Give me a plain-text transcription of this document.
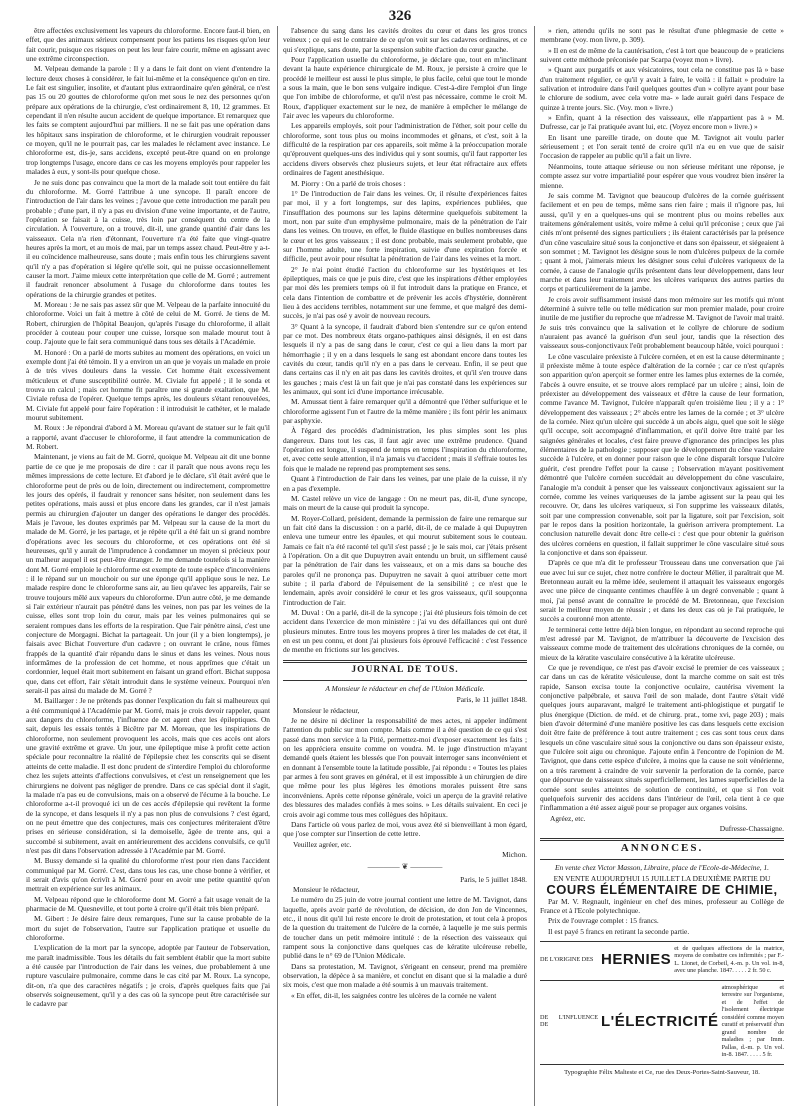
326

être affectées exclusivement les vapeurs du chloroforme. Encore faut-il bien, en effet, que des animaux sérieux compensent pour les patiens les risques qu'on leur fait courir, puisque ces risques on peut les leur faire courir, même en agissant avec une extrême circonspection.

M. Velpeau demande la parole : Il y a dans le fait dont on vient d'entendre la lecture deux choses à considérer, le fait lui-même et la conséquence qu'on en tire. Le fait est singulier, insolite, et d'autant plus extraordinaire qu'en général, ce n'est pas 15 ou 20 gouttes de chloroforme qu'on met sous le nez des personnes qu'on prépare aux opérations de la chirurgie, c'est ordinairement 8, 10, 12 grammes. Et cependant il n'en résulte aucun accident de quelque importance. Et remarquez que les faits se comptent aujourd'hui par milliers. Il ne se fait pas une opération dans les hôpitaux sans inspiration de chloroforme, et le chirurgien voudrait repousser ce moyen, qu'il ne le pourrait pas, car les malades le réclament avec instance. Le chloroforme est, dis-je, sans accidens, excepté peut-être quand on en prolonge trop longtemps l'usage, encore dans ce cas les moyens employés pour rappeler les malades à eux, y sont-ils pour quelque chose.

Je ne suis donc pas convaincu que la mort de la malade soit tout entière du fait du chloroforme. M. Gorré l'attribue à une syncope. Il paraît encore de l'introduction de l'air dans les veines ; j'avoue que cette introduction me paraît peu probable ; d'une part, il n'y a pas eu division d'une veine importante, et de l'autre, l'opération se faisait à la cuisse, très loin par conséquent du centre de la circulation. À l'ouverture, on a trouvé, dit-il, une grande quantité d'air dans les vaisseaux. Cela n'a rien d'étonnant, l'ouverture n'a été faite que vingt-quatre heures après la mort, et au mois de mai, par un temps assez chaud. Peut-être y a-t-il eu coïncidence malheureuse, sans doute ; mais enfin tous les chirurgiens savent qu'il n'y a pas d'opération si légère qu'elle soit, qui ne puisse occasionnellement causer la mort. J'aime mieux cette interprétation que celle de M. Gorré ; autrement il faudrait renoncer absolument à l'usage du chloroforme dans toutes les opérations de la chirurgie grandes et petites.

M. Moreau : Je ne sais pas assez sûr que M. Velpeau de la parfaite innocuité du chloroforme. Voici un fait à mettre à côté de celui de M. Gorré. Je tiens de M. Robert, chirurgien de l'hôpital Beaujon, qu'après l'usage du chloroforme, il allait procéder à couteau pour couper une cuisse, lorsque son malade mourut tout à coup. J'ajoute que le fait sera communiqué dans tous ses détails à l'Académie.

M. Honoré : On a parlé de morts subites au moment des opérations, en voici un exemple dont j'ai été témoin. Il y a environ un an que je voyais un malade en proie à de très vives douleurs dans la vessie. Cet homme était excessivement méticuleux et d'une susceptibilité outrée. M. Civiale fut appelé ; il le sonda et trouva un calcul ; mais cet homme fit paraître une si grande exaltation, que M. Civiale refusa de l'opérer. Quelque temps après, les douleurs s'étant renouvelées, M. Civiale fut appelé pour faire l'opération : il introduisit le cathéter, et le malade mourut subitement.

M. Roux : Je répondrai d'abord à M. Moreau qu'avant de statuer sur le fait qu'il a rapporté, avant d'accuser le chloroforme, il faut attendre la communication de M. Robert.

Maintenant, je viens au fait de M. Gorré, quoique M. Velpeau ait dit une bonne partie de ce que je me proposais de dire : car il paraît que nous avons reçu les mêmes impressions de cette lecture. Et d'abord je le déclare, s'il était avéré que le chloroforme peut de près ou de loin, directement ou indirectement, compromettre les jours des opérés, il faudrait y renoncer sans hésiter, non seulement dans les petites opérations, mais aussi et plus encore dans les grandes, car il n'est jamais permis au chirurgien d'ajouter un danger des opérations le danger des procédés. Mais je l'avoue, les doutes exprimés par M. Velpeau sur la cause de la mort du malade de M. Gorré, je les partage, et je répète qu'il a été fait un si grand nombre d'opérations avec les secours du chloroforme, et ces opérations ont été si heureuses, qu'il y aurait de l'imprudence à condamner un moyen si précieux pour un malheur auquel il est peut-être étranger. Je me demande toutefois si la manière dont M. Gorré emploie le chloroforme est exempte de toute espèce d'inconvéniens : il le répand sur un mouchoir ou sur une éponge qu'il applique sous le nez. Le malade respire donc le chloroforme sans air, au lieu qu'avec les appareils, l'air se trouve toujours mêlé aux vapeurs du chloroforme. D'un autre côté, je me demande si l'air extérieur n'aurait pas pénétré dans les veines, non pas par les veines de la cuisse, elles sont trop loin du cœur, mais par les veines pulmonaires qui se seraient rompues dans les efforts de la respiration. Que l'air pénètre ainsi, c'est une conjecture de Morgagni. Bichat la partageait. Un jour (il y a bien longtemps), je faisais avec Bichat l'ouverture d'un cadavre ; on ouvrant le crâne, nous fûmes frappés de la quantité d'air répandu dans le sinus et dans les veines. Nous nous informâmes de la profession de cet homme, et nous apprîmes que c'était un cordonnier, lequel était mort subitement en faisant un grand effort. Bichat supposa que, dans cet effort, l'air s'était introduit dans le système veineux. Pourquoi n'en serait-il pas ainsi du malade de M. Gorré ?

M. Baillarger : Je ne prétends pas donner l'explication du fait si malheureux qui a été communiqué à l'Académie par M. Gorré, mais je crois devoir rappeler, quant aux dangers du chloroforme, l'influence de cet agent chez les épileptiques. On sait, depuis les essais tentés à Bicêtre par M. Moreau, que les inspirations de chloroforme, non seulement provoquent les accès, mais que ces accès ont alors une gravité extrême et grave. Un jour, une épileptique mise à profit cette action spéciale pour reconnaître la réalité de l'épilepsie chez les conscrits qui se disent atteints de cette maladie. Il est donc prudent de s'interdire l'emploi du chloroforme chez les sujets atteints d'affections convulsives, et c'est un renseignement que les chirurgiens ne doivent pas négliger de prendre. Dans ce cas spécial dont il s'agit, la malade n'a pas eu de convulsions, mais on a observé de l'écume à la bouche. Le chloroforme a-t-il provoqué ici un de ces accès d'épilepsie qui revêtent la forme de la syncope, et dans lesquels il n'y a pas non plus de convulsions ? c'est égard, on ne peut émettre que des conjectures, mais ces conjectures mériteraient d'être prises en sérieuse considération, si la demoiselle, âgée de trente ans, qui a succombé si subitement, avait en antérieurement des accidens convulsifs, ce qu'il n'est pas dit dans l'observation adressée à l'Académie par M. Gorré.

M. Bussy demande si la qualité du chloroforme n'est pour rien dans l'accident communiqué par M. Gorré. C'est, dans tous les cas, une chose bonne à vérifier, et il serait d'avis qu'on écrivît à M. Gorré pour en avoir une petite quantité qu'on mettrait en expérience sur les animaux.

M. Velpeau répond que le chloroforme dont M. Gorré a fait usage venait de la pharmacie de M. Quesneville, et tout porte à croire qu'il était très bien préparé.

M. Gibert : Je désire faire deux remarques, l'une sur la cause probable de la mort du sujet de l'observation, l'autre sur l'application pratique et usuelle du chloroforme.

L'explication de la mort par la syncope, adoptée par l'auteur de l'observation, me paraît inadmissible. Tous les détails du fait semblent établir que la mort subite a été causée par l'introduction de l'air dans les veines, due probablement à une rupture vasculaire pulmonaire, comme dans le cas cité par M. Roux. La syncope, dit-on, n'a que des caractères négatifs ; je crois, d'après quelques faits que j'ai observés soigneusement, qu'il y a des cas où la syncope peut être caractérisée sur le cadavre par

l'absence du sang dans les cavités droites du cœur et dans les gros troncs veineux ; ce qui est le contraire de ce qu'on voit sur les cadavres ordinaires, et ce qui s'explique, sans doute, par la suspension subite d'action du cœur gauche.

Pour l'application usuelle du chloroforme, je déclare que, tout en m'inclinant devant la haute expérience chirurgicale de M. Roux, je persiste à croire que le procédé le meilleur est aussi le plus simple, le plus facile, celui que tout le monde a sous la main, que le bon sens vulgaire indique. C'est-à-dire l'emploi d'un linge que l'on imbibe de chloroforme, et qu'il n'est pas nécessaire, comme le croit M. Roux, d'appliquer exactement sur le nez, de manière à empêcher le mélange de l'air avec les vapeurs du chloroforme.

Les appareils employés, soit pour l'administration de l'éther, soit pour celle du chloroforme, sont tous plus ou moins incommodes et gênans, et c'est, soit à la difficulté de la respiration par ces appareils, soit même à la préoccupation morale qu'éprouvent quelques-uns des individus qui y sont soumis, qu'il faut rapporter les accidens divers observés chez plusieurs sujets, et leur état réfractaire aux effets ordinaires de l'agent anesthésique.

M. Piorry : On a parlé de trois choses :

1° De l'introduction de l'air dans les veines. Or, il résulte d'expériences faites par moi, il y a fort longtemps, sur des lapins, expériences publiées, que l'insufflation des poumons sur les lapins détermine quelquefois subitement la mort, non par suite d'un emphysème pulmonaire, mais de la pénétration de l'air dans les veines. On trouve, en effet, le fluide élastique en bulles nombreuses dans le cœur et les gros vaisseaux ; il est donc probable, mais seulement probable, que sur l'homme adulte, une forte inspiration, suivie d'une expiration forcée et difficile, peut avoir pour résultat la pénétration de l'air dans les veines et la mort.

2° Je n'ai point étudié l'action du chloroforme sur les hystériques et les épileptiques, mais ce que je puis dire, c'est que les inspirations d'éther employées par moi dès les premiers temps où il fut introduit dans la pratique en France, et cela dans l'intention de combattre et de prévenir les accès d'hystérie, donnèrent lieu à des accidens terribles, notamment sur une femme, et que malgré des demi-succès, je n'ai pas osé y avoir de nouveau recours.

3° Quant à la syncope, il faudrait d'abord bien s'entendre sur ce qu'on entend par ce mot. Des nombreux états organo-pathiques ainsi désignés, il en est dans lesquels il n'y a pas de sang dans le cœur, c'est ce qui a lieu dans la mort par hémorrhagie ; il y en a dans lesquels le sang est abondant encore dans toutes les cavités du cœur, tandis qu'il n'y en a pas dans le cerveau. Enfin, il se peut que dans certains cas il n'y en ait pas dans les cavités droites, et qu'il s'en trouve dans les gauches ; mais c'est là un fait que je n'ai pas constaté dans les expériences sur les animaux, qui sont ici d'une importance irrécusable.

M. Amussat tient à faire remarquer qu'il a démontré que l'éther sulfurique et le chloroforme agissent l'un et l'autre de la même manière ; ils font périr les animaux par asphyxie.

À l'égard des procédés d'administration, les plus simples sont les plus dangereux. Dans tout les cas, il faut agir avec une extrême prudence. Quand l'opération est longue, il suspend de temps en temps l'inspiration du chloroforme, et, avec cette seule attention, il n'a jamais vu d'accident ; mais il s'effraie toutes les fois que le malade ne reprend pas promptement ses sens.

Quant à l'introduction de l'air dans les veines, par une plaie de la cuisse, il n'y en a pas d'exemple.

M. Castel relève un vice de langage : On ne meurt pas, dit-il, d'une syncope, mais on meurt de la cause qui produit la syncope.

M. Royer-Collard, président, demande la permission de faire une remarque sur un fait cité dans la discussion : on a parlé, dit-il, de ce malade à qui Dupuytren enleva une tumeur entre les épaules, et qui mourut subitement sous le couteau. Jamais ce fait n'a été raconté tel qu'il s'est passé ; je le sais moi, car j'étais présent à l'opération. On a dit que Dupuytren avait entendu un bruit, un sifflement causé par la pénétration de l'air dans les vaisseaux, et on a mis dans sa bouche des paroles qu'il ne prononça pas. Dupuytren ne savait à quoi attribuer cette mort subite ; il parla d'abord de l'épuisement de la sensibilité ; ce n'est que le lendemain, après avoir considéré le cœur et les gros vaisseaux, qu'il soupçonna l'introduction de l'air.

M. Duval : On a parlé, dit-il de la syncope ; j'ai été plusieurs fois témoin de cet accident dans l'exercice de mon ministère : j'ai vu des défaillances qui ont duré plusieurs minutes. Entre tous les moyens propres à tirer les malades de cet état, il en est un peu connu, et dont j'ai plusieurs fois éprouvé l'efficacité : c'est l'essence de menthe en frictions sur les gencives.

JOURNAL DE TOUS.
A Monsieur le rédacteur en chef de l'Union Médicale.
Paris, le 11 juillet 1848.
Monsieur le rédacteur,

Je ne désire ni décliner la responsabilité de mes actes, ni appeler indûment l'attention du public sur mon compte. Mais comme il a été question de ce qui s'est passé dans mon service à la Pitié, permettez-moi d'exposer exactement les faits ; on les appréciera ensuite comme on voudra. M. le juge d'instruction m'ayant demandé quels étaient les blessés que l'on pouvait interroger sans inconvénient et en donnant à l'ensemble toute la latitude possible, j'ai répondu : « Toutes les plaies par armes à feu sont graves en général, et il est impossible à un chirurgien de dire que même pour les plus légères les émotions morales puissent être sans inconvéniens. Après cette réponse générale, voici un aperçu de la gravité relative des blessures des malades confiés à mes soins. » Les détails suivaient. En ceci je crois avoir agi comme tous mes collègues des hôpitaux.

Dans l'article où vous parlez de moi, vous avez été si bienveillant à mon égard, que j'ose compter sur l'insertion de cette lettre.

Veuillez agréer, etc.
Michon.
———— ❦ ————
Paris, le 5 juillet 1848.
Monsieur le rédacteur,

Le numéro du 25 juin de votre journal contient une lettre de M. Tavignot, dans laquelle, après avoir parlé de révolution, de décision, de don Jon de Vincennes, etc., il nous dit qu'il lui reste encore le droit de protestation, et tout cela à propos de la question du traitement de l'ulcère de la cornée, à laquelle je me suis permis de toucher dans un petit mémoire intitulé : de la résection des vaisseaux qui rampent sous la conjonctive dans quelques cas de kératite ulcéreuse rebelle, publié dans le n° 69 de l'Union Médicale.

Dans sa protestation, M. Tavignot, s'érigeant en censeur, prend ma première observation, la dépèce à sa manière, et conclut en disant que si la maladie a duré six mois, c'est que mon malade a été soumis à un mauvais traitement.

« En effet, dit-il, les saignées contre les ulcères de la cornée ne valent

» rien, attendu qu'ils ne sont pas le résultat d'une phlegmasie de cette » membrane (voy. mon livre, p. 309).

» Il en est de même de la cautérisation, c'est à tort que beaucoup de » praticiens suivent cette méthode préconisée par Scarpa (voyez mon » livre).

» Quant aux purgatifs et aux vésicatoires, tout cela ne constitue pas là » base d'un traitement régulier, ce qu'il y avait à faire, le voilà : il fallait » produire la salivation et introduire dans l'œil quelques gouttes d'un » collyre ayant pour base le chlorure de sodium, avec cela votre ma- » lade aurait guéri dans l'espace de quinze à trente jours. Sic. (Voy. mon » livre.)

» Enfin, quant à la résection des vaisseaux, elle n'appartient pas à » M. Dufresse, car je l'ai pratiquée avant lui, etc. (Voyez encore mon » livre.) »

En lisant une pareille tirade, on doute que M. Tavignot ait voulu parler sérieusement ; et l'on serait tenté de croire qu'il n'a eu en vue que de saisir l'occasion de rappeler au public qu'il a fait un livre.

Néanmoins, toute attaque sérieuse ou non sérieuse méritant une réponse, je compte assez sur votre impartialité pour espérer que vous voudrez bien insérer la mienne.

Je sais comme M. Tavignot que beaucoup d'ulcères de la cornée guérissent facilement et en peu de temps, même sans rien faire ; mais il n'ignore pas, lui aussi, qu'il y en a quelques-uns qui se montrent plus ou moins rebelles aux traitemens généralement usités, voire même à celui qu'il préconise ; ceux que j'ai cités m'ont présenté des signes particuliers ; ils étaient caractérisés par la présence d'un cône vasculaire situé sous la conjonctive et dans son épaisseur, et siégeaient à son sommet ; M. Tavignot les désigne sous le nom d'ulcères pulpeux de la cornée ; quant à moi, j'aimerais mieux les désigner sous celui d'ulcères variqueux de la cornée, à cause de l'analogie qu'ils présentent dans leur développement, dans leur marche et dans leur traitement avec les ulcères variqueux des autres parties du corps et particulièrement de la jambe.

Je crois avoir suffisamment insisté dans mon mémoire sur les motifs qui m'ont déterminé à suivre telle ou telle médication sur mon premier malade, pour croire inutile de me justifier du reproche que m'adresse M. Tavignot de l'avoir mal traité. Je suis très convaincu que la salivation et le collyre de chlorure de sodium n'auraient pas avancé la guérison d'un seul jour, tandis que la résection des vaisseaux sous-conjonctivaux l'eût probablement beaucoup hâtée, voici pourquoi :

Le cône vasculaire préexiste à l'ulcère cornéen, et en est la cause déterminante ; il préexiste même à toute espèce d'altération de la cornée ; car ce n'est qu'après son apparition qu'on aperçoit se former entre les lames plus externes de la cornée, l'abcès à ouvre ensuite, et se trouve alors remplacé par un ulcère ; ainsi, loin de préexister au développement des vaisseaux et d'être la cause de leur formation, comme l'avance M. Tavignot, l'ulcère n'apparaît qu'en troisième lieu ; il y a : 1° développement des vaisseaux ; 2° abcès entre les lames de la cornée ; et 3° ulcère de la cornée. Niez qu'un ulcère qui succède à un abcès aigu, quel que soit le siège qu'il occupe, soit accompagné d'inflammation, et qu'il doive être traité par les saignées générales et locales, c'est faire preuve d'ignorance des principes les plus élémentaires de la pathologie ; supposer que le développement du cône vasculaire succède à l'ulcère, et en donner pour raison que le cône disparaît lorsque l'ulcère guérit, c'est prendre l'effet pour la cause ; l'observation m'ayant positivement démontré que l'ulcère cornéen succédait au développement du cône vasculaire, l'analogie m'a conduit à penser que les vaisseaux conjonctivaux agissaient sur la cornée, comme les veines variqueuses de la jambe agissent sur la peau qui les recouvre. Or, dans les ulcères variqueux, si l'on supprime les vaisseaux dilatés, soit par une compression convenable, soit par la ligature, soit par l'excision, soit par le repos dans la position horizontale, la guérison arrivera promptement. La conclusion naturelle devait donc être celle-ci : c'est que pour obtenir la guérison des ulcères cornéens en question, il fallait supprimer le cône vasculaire situé sous la conjonctive et dans son épaisseur.

D'après ce que m'a dit le professeur Trousseau dans une conversation que j'ai eue avec lui sur ce sujet, chez notre confrère le docteur Mélier, il paraîtrait que M. Bretonneau aurait eu la même idée, seulement il attaquait les vaisseaux engorgés avec une pièce de cinquante centimes chauffée à un degré convenable ; quant à moi, j'ai pensé avant de connaître le procédé de M. Bretonneau, que l'excision serait le meilleur moyen de réussir ; et dans les deux cas où je l'ai pratiquée, le succès a couronné mon attente.

Je terminerai cette lettre déjà bien longue, en répondant au second reproche qui m'est adressé par M. Tavignot, de m'attribuer la découverte de l'excision des vaisseaux comme mode de traitement des ulcérations chroniques de la cornée, ou mieux de la kératite vasculaire consécutive à la kératite ulcéreuse.

Ce que je revendique, ce n'est pas d'avoir excisé le premier de ces vaisseaux ; car dans un cas de kératite vésiculeuse, dont la marche comme on sait est très rapide, Sanson excisa toute la conjonctive oculaire, cautérisa vivement la conjonctive palpébrale, et sauva l'œil de son malade, dont l'autre s'était vidé quelques jours auparavant, malgré le traitement anti-phlogistique et purgatif le plus énergique (Diction. de méd. et de chirurg. prat., tome xvi, page 203) ; mais bien d'avoir déterminé d'une manière positive les cas dans lesquels cette excision doit être faite de préférence à tout autre traitement ; ces cas sont tous ceux dans lesquels un cône vasculaire situé sous la conjonctive ou dans son épaisseur existe, que l'ulcère soit aigu ou chronique. J'ajoute enfin à l'encontre de l'opinion de M. Tavignot, que dans cette espèce d'ulcère, à moins que la cause ne soit vénérienne, on a très rarement à craindre de voir survenir la perforation de la cornée, parce que dépourvue de vaisseaux situés superficiellement, les lames superficielles de la cornée sont seules atteintes de solution de continuité, et que si l'on voit quelquefois survenir des accidens dans l'intérieur de l'œil, cela tient à ce que l'inflammation a été assez aiguë pour se propager aux organes voisins.

Agréez, etc.
Dufresse-Chassaigne.
ANNONCES.
En vente chez Victor Masson, Libraire, place de l'Ecole-de-Médecine, 1.
EN VENTE AUJOURD'HUI 15 JUILLET LA DEUXIÈME PARTIE DU
COURS ÉLÉMENTAIRE DE CHIMIE,
Par M. V. Regnault, ingénieur en chef des mines, professeur au Collège de France et à l'Ecole polytechnique.
Prix de l'ouvrage complet : 15 francs.
Il est payé 5 francs en retirant la seconde partie.
DE L'ORIGINE DES HERNIES
et de quelques affections de la matrice, moyens de combattre ces infirmités ; par F.-L. Lionet, de Corbeil, 4.-m. p. Un vol. in-8, avec une planche. 1847. . . . . 2 fr. 50 c.
DE L'INFLUENCE DE	L'ÉLECTRICITÉ
atmosphérique et terrestre sur l'organisme, et de l'effet de l'isolement électrique considéré comme moyen curatif et préservatif d'un grand nombre de maladies ; par Imm. Pallas, d.-m. p. Un vol. in-8. 1847. . . . . 5 fr.
Typographie Félix Malteste et Ce, rue des Deux-Portes-Saint-Sauveur, 18.
